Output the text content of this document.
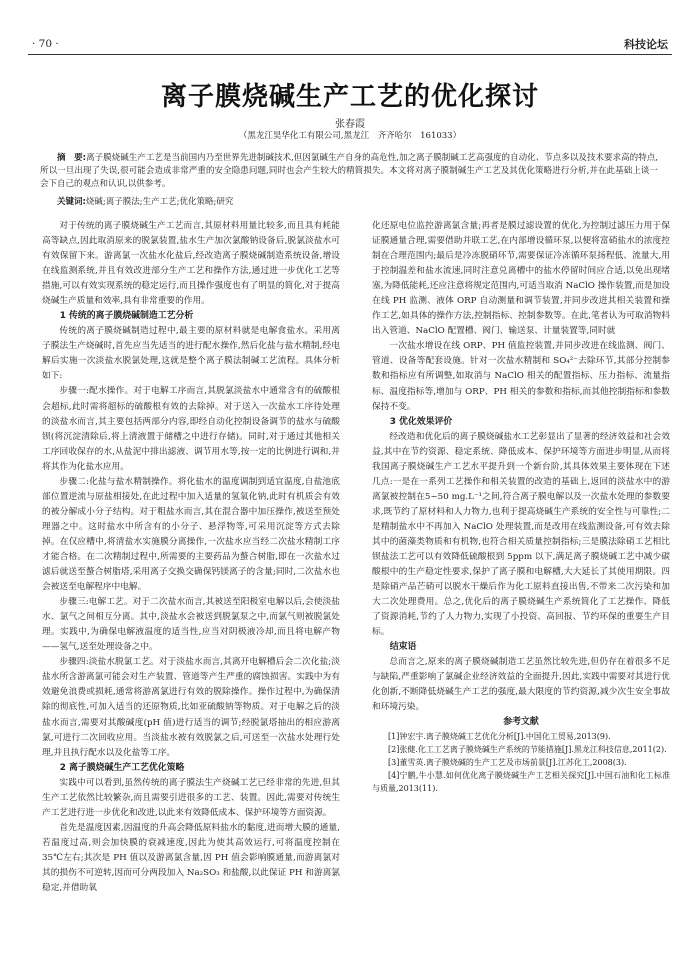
· 70 ·	科技论坛
离子膜烧碱生产工艺的优化探讨
张春霞
（黑龙江昊华化工有限公司,黑龙江　齐齐哈尔　161033）
摘　要:离子膜烧碱生产工艺是当前国内乃至世界先进制碱技术,但因氯碱生产自身的高危性,加之离子膜制碱工艺高强度的自动化、节点多以及技术要求高的特点,所以一旦出现了失误,很可能会造成非常严重的安全隐患问题,同时也会产生较大的精简损失。本文将对离子膜制碱生产工艺及其优化策略进行分析,并在此基础上谈一会下自己的观点和认识,以供参考。
关键词:烧碱;离子膜法;生产工艺;优化策略;研究

对于传统的离子膜烧碱生产工艺而言,其原材料用量比较多,而且具有耗能高等缺点,因此取消原来的脱氯装置,盐水生产加次氯酸钠设备后,脱氯淡盐水可有效保留下来。游离氯一次盐水化盐后,经改造离子膜烧碱制造系统设备,增设在线监测系统,并且有效改进部分生产工艺和操作方法,通过进一步优化工艺等措施,可以有效实现系统的稳定运行,而且操作强度也有了明显的简化,对于提高烧碱生产质量和效率,具有非常重要的作用。

1 传统的离子膜烧碱制造工艺分析

传统的离子膜烧碱制造过程中,最主要的原材料就是电解食盐水。采用离子膜法生产烧碱时,首先应当先适当的进行配水操作,然后化盐与盐水精制,经电解后实施一次淡盐水脱氯处理,这就是整个离子膜法制碱工艺流程。具体分析如下:

步骤一:配水操作。对于电解工序而言,其脱氯淡盐水中通常含有的硫酸根会超标,此时需将超标的硫酸根有效的去除掉。对于送入一次盐水工序待处理的淡盐水而言,其主要包括两部分内容,即经自动化控制设备调节的盐水与硫酸钡(将沉淀清除后,将上清液置于储槽之中进行存储)。同时,对于通过其他相关工序回收保存的水,从盐泥中排出滤液、调节用水等,按一定的比例进行调和,并将其作为化盐水应用。

步骤二:化盐与盐水精制操作。将化盐水的温度调制到适宜温度,自盐池底部位置逆流与原盐相接处,在此过程中加入适量的氢氧化钠,此时有机质会有效的被分解成小分子结构。对于粗盐水而言,其在混合器中加压操作,被送至预处理器之中。这时盐水中所含有的小分子、悬浮物等,可采用沉淀等方式去除掉。在仅应槽中,将清盐水实施膜分离操作,一次盐水应当经二次盐水精制工序才能合格。在二次精制过程中,所需要的主要药品为螯合树脂,即在一次盐水过滤后就送至螯合树脂塔,采用离子交换交确保钙镁离子的含量;同时,二次盐水也会被送至电解程序中电解。

步骤三:电解工艺。对于二次盐水而言,其被送至阳极室电解以后,会使淡盐水、氯气之间相互分离。其中,淡盐水会被送到脱氯泵之中,而氯气则被脱氯处理。实践中,为确保电解液温度的适当性,应当对阴极液冷却,而且将电解产物——氢气,送至处理设备之中。

步骤四:淡盐水脱氯工艺。对于淡盐水而言,其离开电解槽后会二次化盐;淡盐水所含游离氯可能会对生产装置、管道等产生严重的腐蚀损害。实践中为有效避免浪费或损耗,通常将游离氯进行有效的脱除操作。操作过程中,为确保清除的彻底性,可加入适当的还原物质,比如亚硫酸钠等物质。对于电解之后的淡盐水而言,需要对其酸碱度(pH 值)进行适当的调节;经脱氯塔抽出的相应游离氯,可进行二次回收应用。当淡盐水被有效脱氯之后,可送至一次盐水处理行处理,并且执行配水以及化盐等工序。

2 离子膜烧碱生产工艺优化策略

实践中可以看到,虽然传统的离子膜法生产烧碱工艺已经非常的先进,但其生产工艺依然比较繁杂,而且需要引进很多的工艺、装置。因此,需要对传统生产工艺进行进一步优化和改进,以此来有效降低成本、保护环境等方面资源。

首先是温度因素,因温度的升高会降低原料盐水的黏度,进而增大膜的通量,若温度过高,则会加快膜的衰减速度,因此为使其高效运行,可将温度控制在 35℃左右;其次是 PH 值以及游离氯含量,因 PH 值会影响膜通量,而游离氯对其的损伤不可逆转,因而可分两段加入 Na₂SO₃ 和盐酸,以此保证 PH 和游离氯稳定,并借助氧

化还原电位监控游离氯含量;再者是膜过滤设置的优化,为控制过滤压力用于保证膜通量合理,需要借助并联工艺,在内部增设循环泵,以便将富硝盐水的浓度控制在合理范围内;最后是冷冻脱硝环节,需要保证冷冻循环泵扬程低、流量大,用于控制温差和盐水流速,同时注意兑离槽中的盐水停留时间应合适,以免出现堵塞,为降低能耗,还应注意将规定范围内,可适当取消 NaClO 操作装置,而是加设在线 PH 监测、液体 ORP 自动测量和调节装置,并同步改进其相关装置和操作工艺,如具体的操作方法,控制指标、控制参数等。在此,笔者认为可取消物料出入管道、NaClO 配置槽、阀门、输送泵、计量装置等,同时就

一次盐水增设在线 ORP、PH 值监控装置,并同步改进在线监测、阀门、管道、设备等配套设施。针对一次盐水精制和 SO₄²⁻去除环节,其部分控制参数和指标应有所调整,如取消与 NaClO 相关的配置指标、压力指标、流量指标、温度指标等,增加与 ORP、PH 相关的参数和指标,而其他控制指标和参数保持不变。

3 优化效果评价

经改造和优化后的离子膜烧碱盐水工艺彰显出了显著的经济效益和社会效益,其中在节约资源、稳定系统、降低成本、保护环境等方面进步明显,从而将我国离子膜烧碱生产工艺水平提升到一个新台阶,其具体效果主要体现在下述几点:一是在一系列工艺操作和相关装置的改造的基础上,返回的淡盐水中的游离氯被控制在5~50 mg.L⁻¹之间,符合离子膜电解以及一次盐水处理的参数要求,既节约了原材料和人力物力,也利于提高烧碱生产系统的安全性与可靠性;二是精制盐水中不再加入 NaClO 处理装置,而是改用在线监测设备,可有效去除其中的菌藻类物质和有机物,也符合相关质量控制指标;三是膜法除硝工艺相比钡盐法工艺可以有效降低硫酸根到 5ppm 以下,满足离子膜烧碱工艺中减少碳酸根中的生产稳定性要求,保护了离子膜和电解槽,大大延长了其使用期限。四是除硝产品芒硝可以脱水干燥后作为化工原料直接出售,不带来二次污染和加大二次处理费用。总之,优化后的离子膜烧碱生产系统简化了工艺操作、降低了资源消耗,节约了人力物力,实现了小投资、高回报、节约环保的重要生产目标。

结束语

总而言之,原来的离子膜烧碱制造工艺虽然比较先进,但仍存在着很多不足与缺陷,严重影响了氯碱企业经济效益的全面提升,因此,实践中需要对其进行优化创新,不断降低烧碱生产工艺的强度,最大限度的节约资源,减少次生安全事故和环境污染。

参考文献

[1]钟宏宇.离子膜烧碱工艺优化分析[J].中国化工贸易,2013(9).

[2]张健.化工工艺离子膜烧碱生产系统的节能措施[J].黑龙江科技信息,2011(2).

[3]董雪英.离子膜烧碱的生产工艺及市场前景[J].江苏化工,2008(3).

[4]宁鹏,牛小慧.如何优化离子膜烧碱生产工艺相关探究[J].中国石油和化工标准与质量,2013(11).
